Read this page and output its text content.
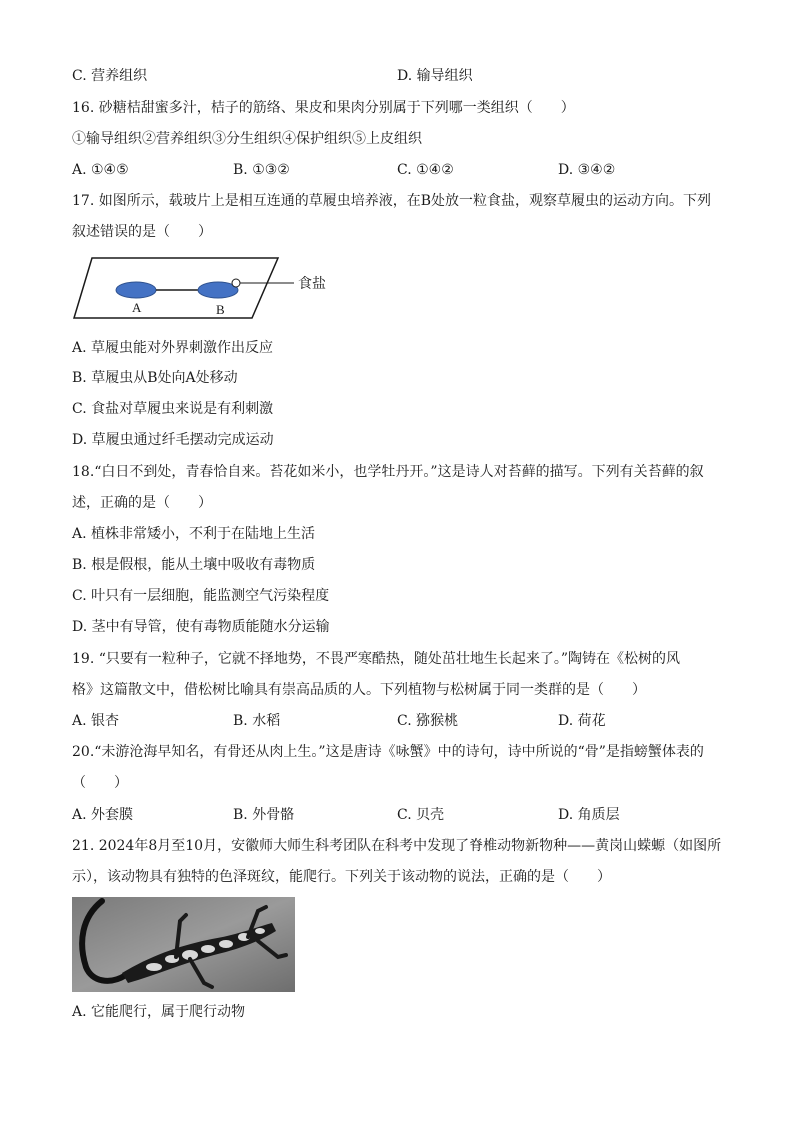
C. 营养组织	D. 输导组织
16. 砂糖桔甜蜜多汁，桔子的筋络、果皮和果肉分别属于下列哪一类组织（　　）
①输导组织②营养组织③分生组织④保护组织⑤上皮组织
A. ①④⑤	B. ①③②	C. ①④②	D. ③④②
17. 如图所示，载玻片上是相互连通的草履虫培养液，在B处放一粒食盐，观察草履虫的运动方向。下列
叙述错误的是（　　）
A	B
食盐
A. 草履虫能对外界刺激作出反应
B. 草履虫从B处向A处移动
C. 食盐对草履虫来说是有利刺激
D. 草履虫通过纤毛摆动完成运动
18.“白日不到处，青春恰自来。苔花如米小，也学牡丹开。”这是诗人对苔藓的描写。下列有关苔藓的叙
述，正确的是（　　）
A. 植株非常矮小，不利于在陆地上生活
B. 根是假根，能从土壤中吸收有毒物质
C. 叶只有一层细胞，能监测空气污染程度
D. 茎中有导管，使有毒物质能随水分运输
19. “只要有一粒种子，它就不择地势，不畏严寒酷热，随处茁壮地生长起来了。”陶铸在《松树的风
格》这篇散文中，借松树比喻具有崇高品质的人。下列植物与松树属于同一类群的是（　　）
A. 银杏	B. 水稻	C. 猕猴桃	D. 荷花
20.“未游沧海早知名，有骨还从肉上生。”这是唐诗《咏蟹》中的诗句，诗中所说的“骨”是指螃蟹体表的
（　　）
A. 外套膜	B. 外骨骼	C. 贝壳	D. 角质层
21. 2024年8月至10月，安徽师大师生科考团队在科考中发现了脊椎动物新物种——黄岗山蝾螈（如图所
示），该动物具有独特的色泽斑纹，能爬行。下列关于该动物的说法，正确的是（　　）
A. 它能爬行，属于爬行动物
